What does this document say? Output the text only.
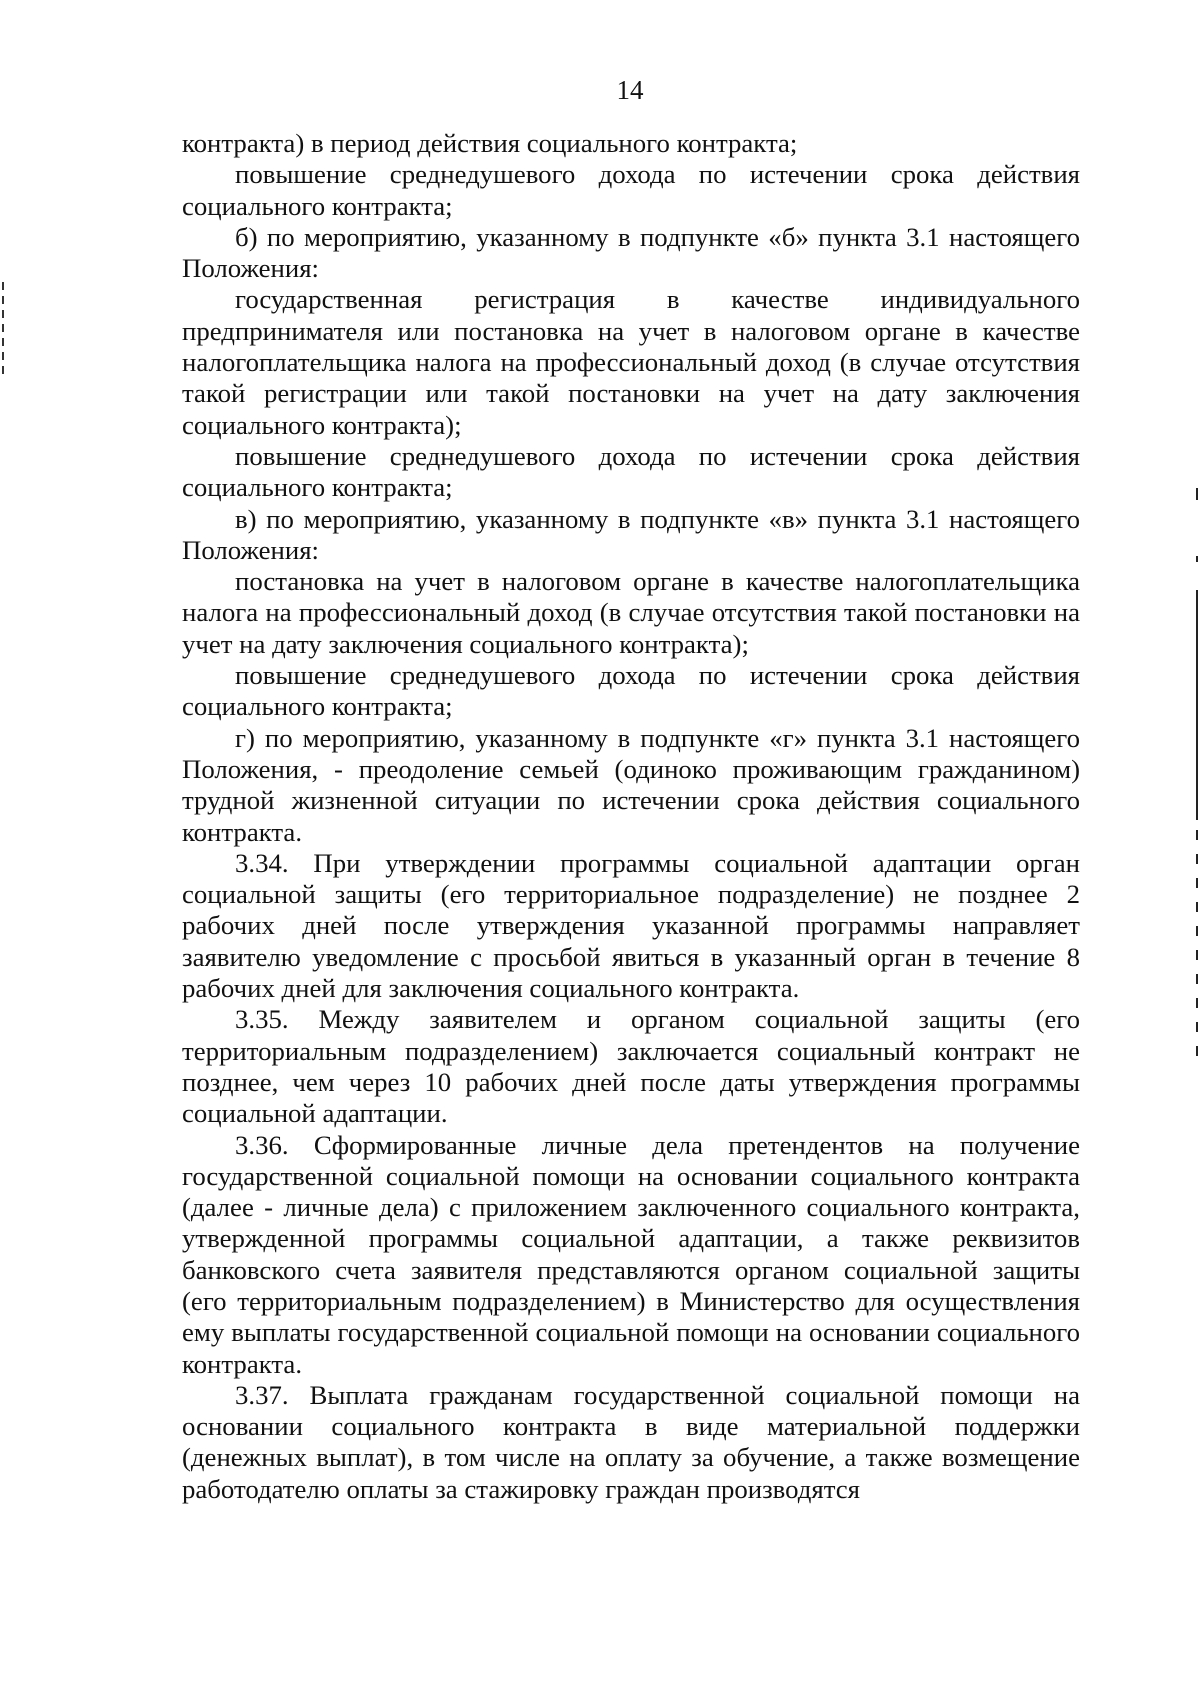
14

контракта) в период действия социального контракта;

повышение среднедушевого дохода по истечении срока действия социального контракта;

б) по мероприятию, указанному в подпункте «б» пункта 3.1 настоящего Положения:

государственная регистрация в качестве индивидуального предпринимателя или постановка на учет в налоговом органе в качестве налогоплательщика налога на профессиональный доход (в случае отсутствия такой регистрации или такой постановки на учет на дату заключения социального контракта);

повышение среднедушевого дохода по истечении срока действия социального контракта;

в) по мероприятию, указанному в подпункте «в» пункта 3.1 настоящего Положения:

постановка на учет в налоговом органе в качестве налогоплательщика налога на профессиональный доход (в случае отсутствия такой постановки на учет на дату заключения социального контракта);

повышение среднедушевого дохода по истечении срока действия социального контракта;

г) по мероприятию, указанному в подпункте «г» пункта 3.1 настоящего Положения, - преодоление семьей (одиноко проживающим гражданином) трудной жизненной ситуации по истечении срока действия социального контракта.

3.34. При утверждении программы социальной адаптации орган социальной защиты (его территориальное подразделение) не позднее 2 рабочих дней после утверждения указанной программы направляет заявителю уведомление с просьбой явиться в указанный орган в течение 8 рабочих дней для заключения социального контракта.

3.35. Между заявителем и органом социальной защиты (его территориальным подразделением) заключается социальный контракт не позднее, чем через 10 рабочих дней после даты утверждения программы социальной адаптации.

3.36. Сформированные личные дела претендентов на получение государственной социальной помощи на основании социального контракта (далее - личные дела) с приложением заключенного социального контракта, утвержденной программы социальной адаптации, а также реквизитов банковского счета заявителя представляются органом социальной защиты (его территориальным подразделением) в Министерство для осуществления ему выплаты государственной социальной помощи на основании социального контракта.

3.37. Выплата гражданам государственной социальной помощи на основании социального контракта в виде материальной поддержки (денежных выплат), в том числе на оплату за обучение, а также возмещение работодателю оплаты за стажировку граждан производятся
